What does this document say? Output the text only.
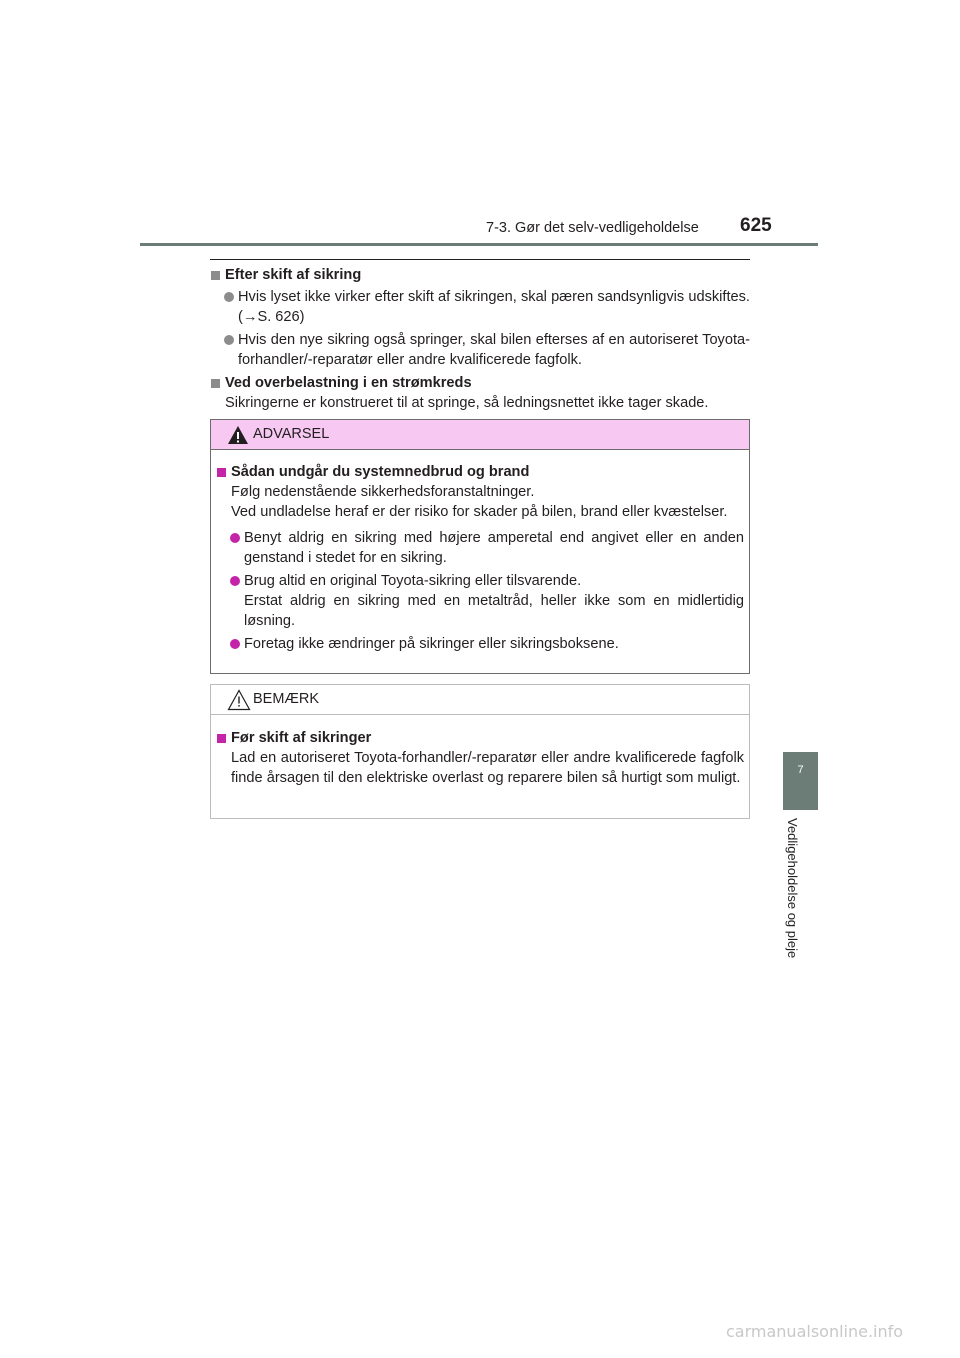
7-3. Gør det selv-vedligeholdelse 625
7
Vedligeholdelse og pleje

Efter skift af sikring

Hvis lyset ikke virker efter skift af sikringen, skal pæren sandsynligvis udskiftes. (→S. 626)
Hvis den nye sikring også springer, skal bilen efterses af en autoriseret Toyota-forhandler/-reparatør eller andre kvalificerede fagfolk.

Ved overbelastning i en strømkreds

Sikringerne er konstrueret til at springe, så ledningsnettet ikke tager skade.

ADVARSEL

Sådan undgår du systemnedbrud og brand

Følg nedenstående sikkerhedsforanstaltninger.

Ved undladelse heraf er der risiko for skader på bilen, brand eller kvæstelser.

Benyt aldrig en sikring med højere amperetal end angivet eller en anden genstand i stedet for en sikring.
Brug altid en original Toyota-sikring eller tilsvarende.
Erstat aldrig en sikring med en metaltråd, heller ikke som en midlertidig løsning.
Foretag ikke ændringer på sikringer eller sikringsboksene.
BEMÆRK

Før skift af sikringer

Lad en autoriseret Toyota-forhandler/-reparatør eller andre kvalificerede fagfolk finde årsagen til den elektriske overlast og reparere bilen så hurtigt som muligt.

carmanualsonline.info
